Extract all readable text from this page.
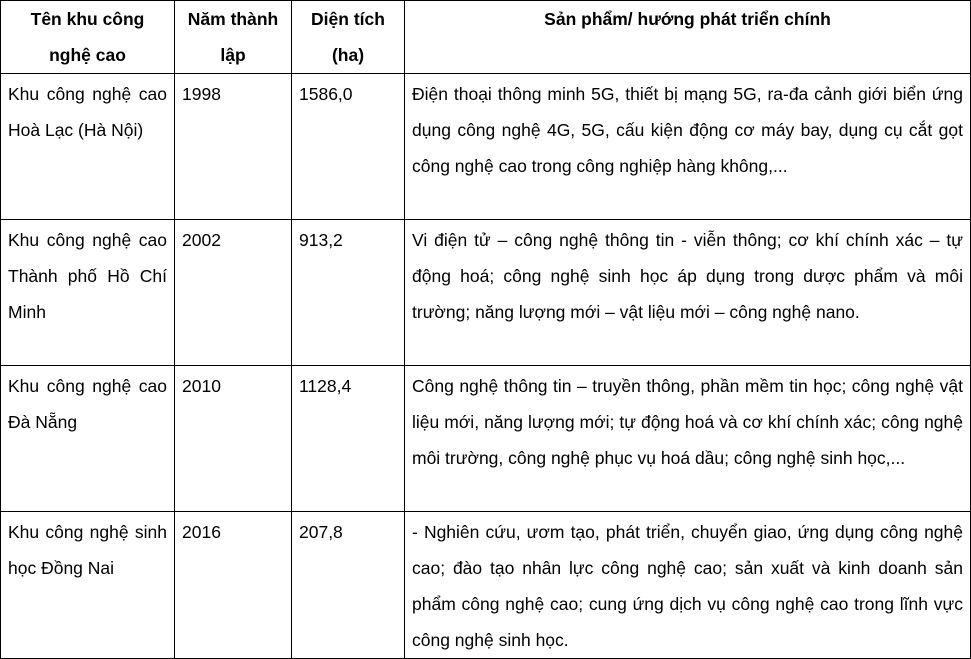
Tên khu công nghệ cao	Năm thành lập	Diện tích (ha)	Sản phẩm/ hướng phát triển chính
Khu công nghệ cao Hoà Lạc (Hà Nội)	1998	1586,0	Điện thoại thông minh 5G, thiết bị mạng 5G, ra-đa cảnh giới biển ứng dụng công nghệ 4G, 5G, cấu kiện động cơ máy bay, dụng cụ cắt gọt công nghệ cao trong công nghiệp hàng không,...
Khu công nghệ cao Thành phố Hồ Chí Minh	2002	913,2	Vi điện tử – công nghệ thông tin - viễn thông; cơ khí chính xác – tự động hoá; công nghệ sinh học áp dụng trong dược phẩm và môi trường; năng lượng mới – vật liệu mới – công nghệ nano.
Khu công nghệ cao Đà Nẵng	2010	1128,4	Công nghệ thông tin – truyền thông, phần mềm tin học; công nghệ vật liệu mới, năng lượng mới; tự động hoá và cơ khí chính xác; công nghệ môi trường, công nghệ phục vụ hoá dầu; công nghệ sinh học,...
Khu công nghệ sinh học Đồng Nai	2016	207,8	- Nghiên cứu, ươm tạo, phát triển, chuyển giao, ứng dụng công nghệ cao; đào tạo nhân lực công nghệ cao; sản xuất và kinh doanh sản phẩm công nghệ cao; cung ứng dịch vụ công nghệ cao trong lĩnh vực công nghệ sinh học.
